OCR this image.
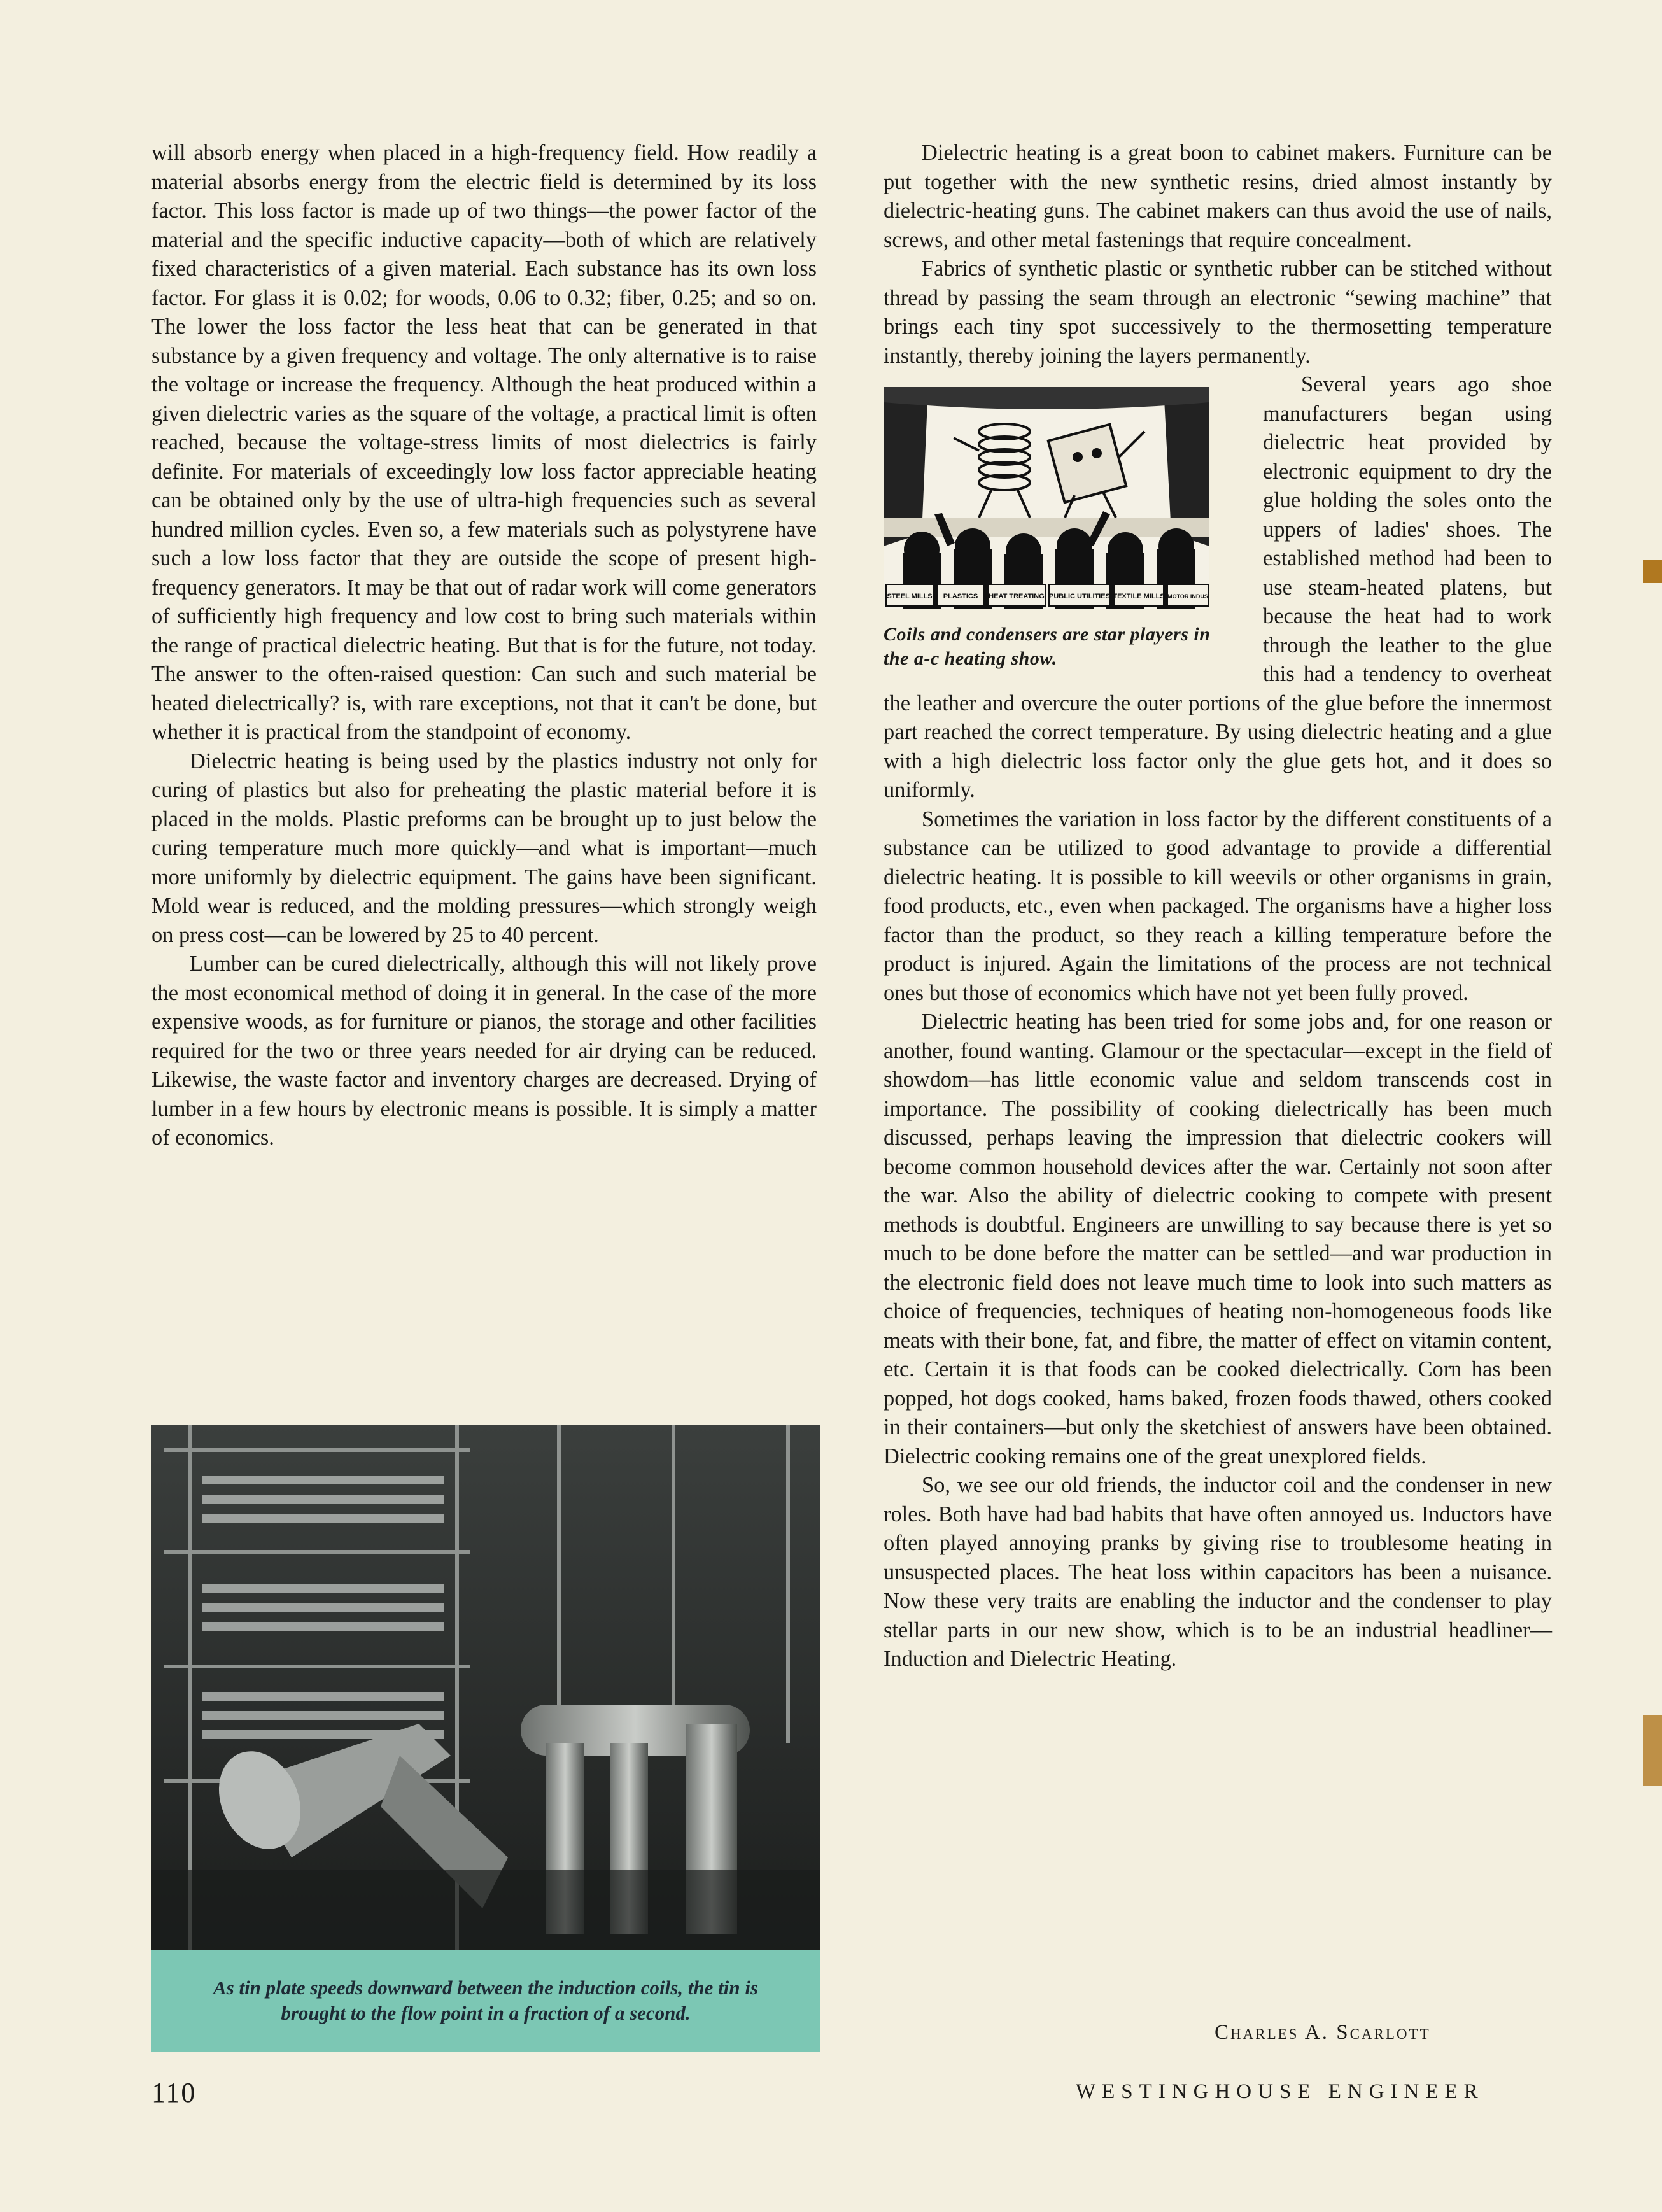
will absorb energy when placed in a high-frequency field. How readily a material absorbs energy from the electric field is determined by its loss factor. This loss factor is made up of two things—the power factor of the material and the specific inductive capacity—both of which are relatively fixed characteristics of a given material. Each substance has its own loss factor. For glass it is 0.02; for woods, 0.06 to 0.32; fiber, 0.25; and so on. The lower the loss factor the less heat that can be generated in that substance by a given frequency and voltage. The only alternative is to raise the voltage or increase the frequency. Although the heat produced within a given dielectric varies as the square of the voltage, a practical limit is often reached, because the voltage-stress limits of most dielectrics is fairly definite. For materials of exceedingly low loss factor appreciable heating can be obtained only by the use of ultra-high frequencies such as several hundred million cycles. Even so, a few materials such as polystyrene have such a low loss factor that they are outside the scope of present high-frequency generators. It may be that out of radar work will come generators of sufficiently high frequency and low cost to bring such materials within the range of practical dielectric heating. But that is for the future, not today. The answer to the often-raised question: Can such and such material be heated dielectrically? is, with rare exceptions, not that it can't be done, but whether it is practical from the standpoint of economy.

Dielectric heating is being used by the plastics industry not only for curing of plastics but also for preheating the plastic material before it is placed in the molds. Plastic preforms can be brought up to just below the curing temperature much more quickly—and what is important—much more uniformly by dielectric equipment. The gains have been significant. Mold wear is reduced, and the molding pressures—which strongly weigh on press cost—can be lowered by 25 to 40 percent.

Lumber can be cured dielectrically, although this will not likely prove the most economical method of doing it in general. In the case of the more expensive woods, as for furniture or pianos, the storage and other facilities required for the two or three years needed for air drying can be reduced. Likewise, the waste factor and inventory charges are decreased. Drying of lumber in a few hours by electronic means is possible. It is simply a matter of economics.

Dielectric heating is a great boon to cabinet makers. Furniture can be put together with the new synthetic resins, dried almost instantly by dielectric-heating guns. The cabinet makers can thus avoid the use of nails, screws, and other metal fastenings that require concealment.

Fabrics of synthetic plastic or synthetic rubber can be stitched without thread by passing the seam through an electronic “sewing machine” that brings each tiny spot successively to the thermosetting temperature instantly, thereby joining the layers permanently.

STEEL MILLS PLASTICS HEAT TREATING PUBLIC UTILITIES TEXTILE MILLS MOTOR INDUS
Coils and condensers are star players in the a-c heating show.

Several years ago shoe manufacturers began using dielectric heat provided by electronic equipment to dry the glue holding the soles onto the uppers of ladies' shoes. The established method had been to use steam-heated platens, but because the heat had to work through the leather to the glue this had a tendency to overheat the leather and overcure the outer portions of the glue before the innermost part reached the correct temperature. By using dielectric heating and a glue with a high dielectric loss factor only the glue gets hot, and it does so uniformly.

Sometimes the variation in loss factor by the different constituents of a substance can be utilized to good advantage to provide a differential dielectric heating. It is possible to kill weevils or other organisms in grain, food products, etc., even when packaged. The organisms have a higher loss factor than the product, so they reach a killing temperature before the product is injured. Again the limitations of the process are not technical ones but those of economics which have not yet been fully proved.

Dielectric heating has been tried for some jobs and, for one reason or another, found wanting. Glamour or the spectacular—except in the field of showdom—has little economic value and seldom transcends cost in importance. The possibility of cooking dielectrically has been much discussed, perhaps leaving the impression that dielectric cookers will become common household devices after the war. Certainly not soon after the war. Also the ability of dielectric cooking to compete with present methods is doubtful. Engineers are unwilling to say because there is yet so much to be done before the matter can be settled—and war production in the electronic field does not leave much time to look into such matters as choice of frequencies, techniques of heating non-homogeneous foods like meats with their bone, fat, and fibre, the matter of effect on vitamin content, etc. Certain it is that foods can be cooked dielectrically. Corn has been popped, hot dogs cooked, hams baked, frozen foods thawed, others cooked in their containers—but only the sketchiest of answers have been obtained. Dielectric cooking remains one of the great unexplored fields.

So, we see our old friends, the inductor coil and the condenser in new roles. Both have had bad habits that have often annoyed us. Inductors have often played annoying pranks by giving rise to troublesome heating in unsuspected places. The heat loss within capacitors has been a nuisance. Now these very traits are enabling the inductor and the condenser to play stellar parts in our new show, which is to be an industrial headliner—Induction and Dielectric Heating.

As tin plate speeds downward between the induction coils, the tin is brought to the flow point in a fraction of a second.
Charles A. Scarlott
110	WESTINGHOUSE ENGINEER
